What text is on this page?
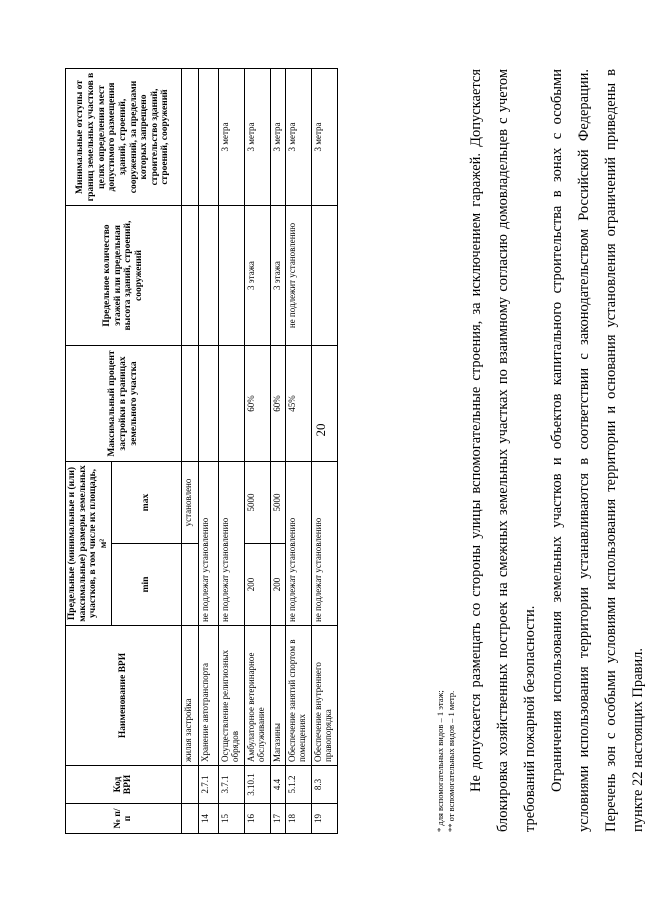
20
№ п/п	Код ВРИ	Наименование ВРИ	Предельные (минимальные и (или) максимальные) размеры земельных участков, в том числе их площадь, м²		Максимальный процент застройки в границах земельного участка	Предельное количество этажей или предельная высота зданий, строений, сооружений	Минимальные отступы от границ земельных участков в целях определения мест допустимого размещения зданий, строений, сооружений, за пределами которых запрещено строительство зданий, строений, сооружений
			min	max			
		жилая застройка		установлено			
14	2.7.1	Хранение автотранспорта	не подлежат установлению				
15	3.7.1	Осуществление религиозных обрядов	не подлежат установлению				3 метра
16	3.10.1	Амбулаторное ветеринарное обслуживание	200	5000	60%	3 этажа	3 метра
17	4.4	Магазины	200	5000	60%	3 этажа	3 метра
18	5.1.2	Обеспечение занятий спортом в помещениях	не подлежат установлению		45%	не подлежит установлению	3 метра
19	8.3	Обеспечение внутреннего правопорядка	не подлежат установлению				3 метра
* для вспомогательных видов – 1 этаж; ** от вспомогательных видов – 1 метр. Не допускается размещать со стороны улицы вспомогательные строения, за исключением гаражей. Допускается блокировка хозяйственных построек на смежных земельных участках по взаимному согласию домовладельцев с учетом требований пожарной безопасности. Ограничения использования земельных участков и объектов капитального строительства в зонах с особыми условиями использования территории устанавливаются в соответствии с законодательством Российской Федерации. Перечень зон с особыми условиями использования территории и основания установления ограничений приведены в пункте 22 настоящих Правил.
